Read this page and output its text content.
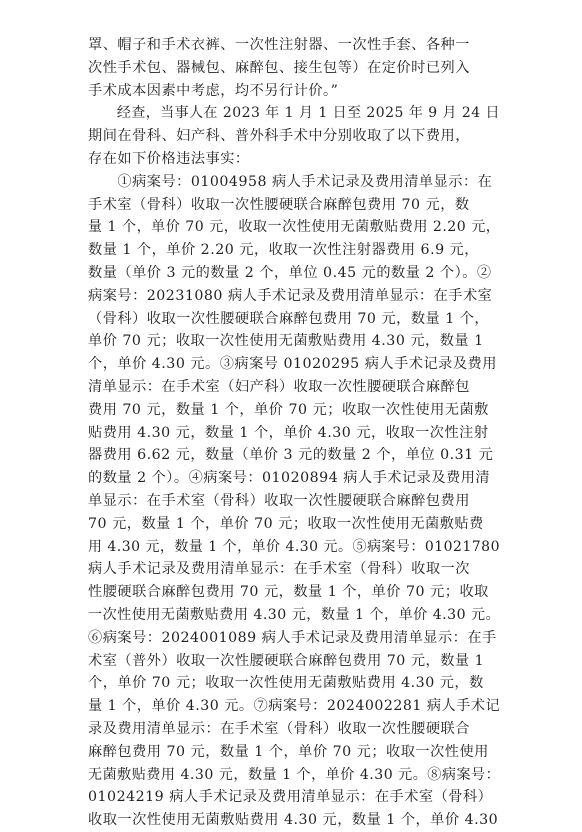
罩、帽子和手术衣裤、一次性注射器、一次性手套、各种一
次性手术包、器械包、麻醉包、接生包等）在定价时已列入
手术成本因素中考虑，均不另行计价。”
　　经查，当事人在 2023 年 1 月 1 日至 2025 年 9 月 24 日
期间在骨科、妇产科、普外科手术中分别收取了以下费用，
存在如下价格违法事实：
　　①病案号：01004958 病人手术记录及费用清单显示：在
手术室（骨科）收取一次性腰硬联合麻醉包费用 70 元，数
量 1 个，单价 70 元，收取一次性使用无菌敷贴费用 2.20 元，
数量 1 个，单价 2.20 元，收取一次性注射器费用 6.9 元，
数量（单价 3 元的数量 2 个，单位 0.45 元的数量 2 个）。②
病案号：20231080 病人手术记录及费用清单显示：在手术室
（骨科）收取一次性腰硬联合麻醉包费用 70 元，数量 1 个，
单价 70 元；收取一次性使用无菌敷贴费用 4.30 元，数量 1
个，单价 4.30 元。③病案号 01020295 病人手术记录及费用
清单显示：在手术室（妇产科）收取一次性腰硬联合麻醉包
费用 70 元，数量 1 个，单价 70 元；收取一次性使用无菌敷
贴费用 4.30 元，数量 1 个，单价 4.30 元，收取一次性注射
器费用 6.62 元，数量（单价 3 元的数量 2 个，单位 0.31 元
的数量 2 个）。④病案号：01020894 病人手术记录及费用清
单显示：在手术室（骨科）收取一次性腰硬联合麻醉包费用
70 元，数量 1 个，单价 70 元；收取一次性使用无菌敷贴费
用 4.30 元，数量 1 个，单价 4.30 元。⑤病案号：01021780
病人手术记录及费用清单显示：在手术室（骨科）收取一次
性腰硬联合麻醉包费用 70 元，数量 1 个，单价 70 元；收取
一次性使用无菌敷贴费用 4.30 元，数量 1 个，单价 4.30 元。
⑥病案号：2024001089 病人手术记录及费用清单显示：在手
术室（普外）收取一次性腰硬联合麻醉包费用 70 元，数量 1
个，单价 70 元；收取一次性使用无菌敷贴费用 4.30 元，数
量 1 个，单价 4.30 元。⑦病案号：2024002281 病人手术记
录及费用清单显示：在手术室（骨科）收取一次性腰硬联合
麻醉包费用 70 元，数量 1 个，单价 70 元；收取一次性使用
无菌敷贴费用 4.30 元，数量 1 个，单价 4.30 元。⑧病案号：
01024219 病人手术记录及费用清单显示：在手术室（骨科）
收取一次性使用无菌敷贴费用 4.30 元，数量 1 个，单价 4.30
